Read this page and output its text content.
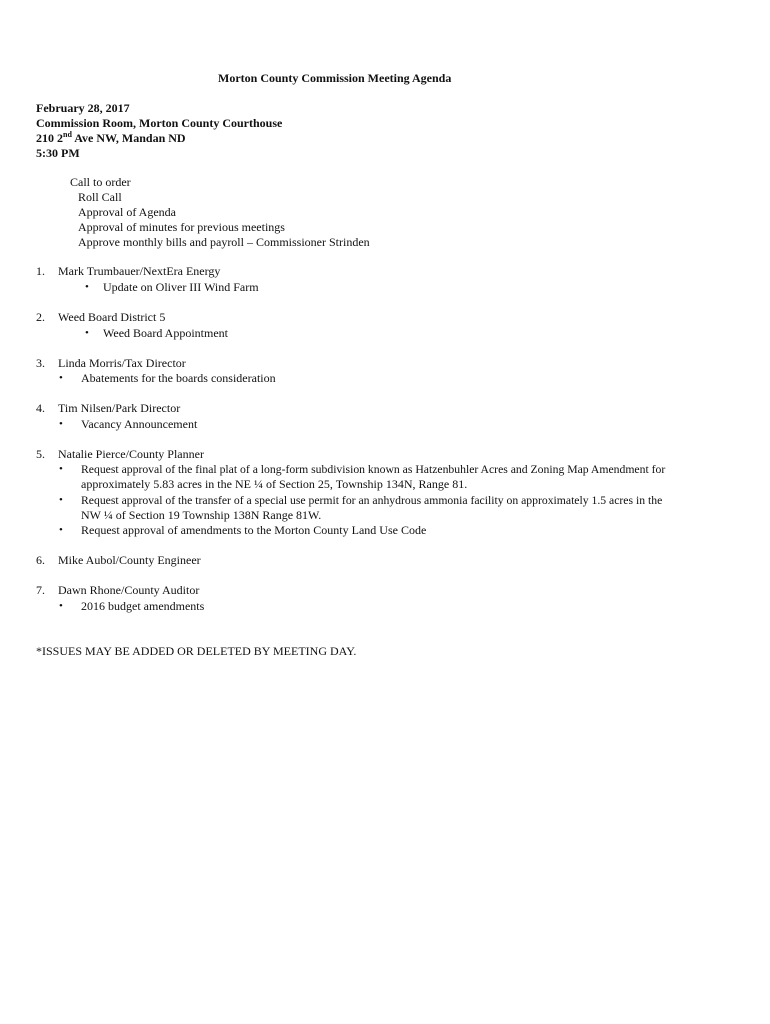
Morton County Commission Meeting Agenda
February 28, 2017
Commission Room, Morton County Courthouse
210 2nd Ave NW, Mandan ND
5:30 PM
Call to order
Roll Call
Approval of Agenda
Approval of minutes for previous meetings
Approve monthly bills and payroll – Commissioner Strinden
1. Mark Trumbauer/NextEra Energy
• Update on Oliver III Wind Farm
2. Weed Board District 5
• Weed Board Appointment
3. Linda Morris/Tax Director
• Abatements for the boards consideration
4. Tim Nilsen/Park Director
• Vacancy Announcement
5. Natalie Pierce/County Planner
• Request approval of the final plat of a long-form subdivision known as Hatzenbuhler Acres and Zoning Map Amendment for
approximately 5.83 acres in the NE ¼ of Section 25, Township 134N, Range 81.
• Request approval of the transfer of a special use permit for an anhydrous ammonia facility on approximately 1.5 acres in the
NW ¼ of Section 19 Township 138N Range 81W.
• Request approval of amendments to the Morton County Land Use Code
6. Mike Aubol/County Engineer
7. Dawn Rhone/County Auditor
• 2016 budget amendments
*ISSUES MAY BE ADDED OR DELETED BY MEETING DAY.
